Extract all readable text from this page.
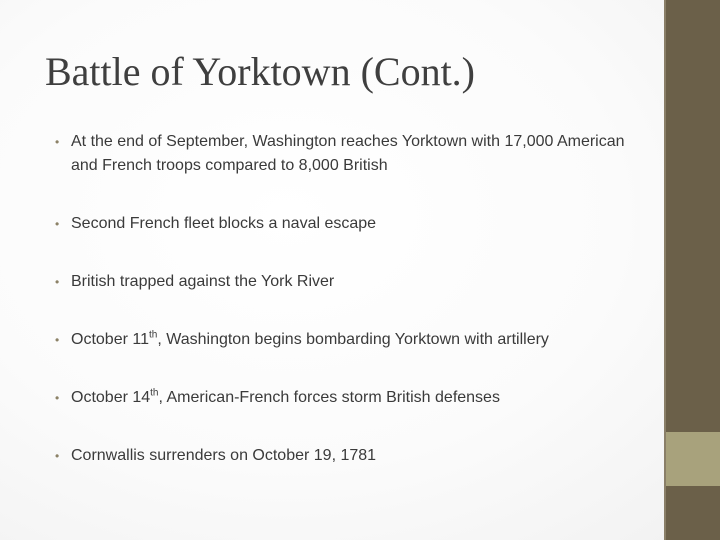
Battle of Yorktown (Cont.)
• At the end of September, Washington reaches Yorktown with 17,000 American and French troops compared to 8,000 British
• Second French fleet blocks a naval escape
• British trapped against the York River
• October 11th, Washington begins bombarding Yorktown with artillery
• October 14th, American-French forces storm British defenses
• Cornwallis surrenders on October 19, 1781
